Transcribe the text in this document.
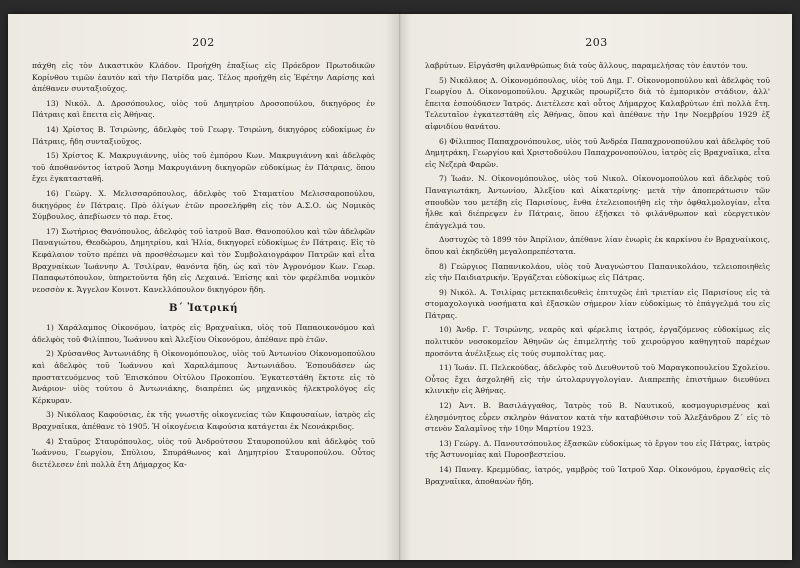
202

πάχθη εἰς τὸν Δικαστικὸν Κλάδον. Προήχθη ἐπαξίως εἰς Πρόεδρον Πρωτοδικῶν Κορίνθου τιμῶν ἑαυτὸν καὶ τὴν Πατρίδα μας. Τέλος προήχθη εἰς Ἐφέτην Λαρίσης καὶ ἀπέθανεν συνταξιοῦχος.

13) Νικόλ. Δ. Δροσόπουλος, υἱὸς τοῦ Δημητρίου Δροσοπούλου, δικηγόρος ἐν Πάτραις καὶ ἔπειτα εἰς Ἀθήνας.

14) Χρίστος Β. Τσιρώνης, ἀδελφὸς τοῦ Γεωργ. Τσιρώνη, δικηγόρος εὐδοκίμως ἐν Πάτραις, ἤδη συνταξιοῦχος.

15) Χρίστος Κ. Μακρυγιάννης, υἱὸς τοῦ ἐμπόρου Κων. Μακρυγιάννη καὶ ἀδελφὸς τοῦ ἀποθανόντος ἰατροῦ Ἄσημ Μακρυγιάννη δικηγορῶν εὐδοκίμως ἐν Πάτραις, ὅπου ἔχει ἐγκατασταθῆ.

16) Γεώργ. Χ. Μελισσαρόπουλος, ἀδελφὸς τοῦ Σταματίου Μελισσαροπούλου, δικηγόρος ἐν Πάτραις. Πρὸ ὀλίγων ἐτῶν προσελήφθη εἰς τὸν Α.Σ.Ο. ὡς Νομικὸς Σύμβουλος, ἀπεβίωσεν τὸ παρ. ἔτος.

17) Σωτήριος Θανόπουλος, ἀδελφὸς τοῦ ἰατροῦ Βασ. Θανοπούλου καὶ τῶν ἀδελφῶν Παναγιώτου, Θεοδώρου, Δημητρίου, καὶ Ἠλία, δικηγορεῖ εὐδοκίμως ἐν Πάτραις. Εἰς τὸ Κεφάλαιον τοῦτο πρέπει νὰ προσθέσωμεν καὶ τὸν Συμβολαιογράφον Πατρῶν καὶ εἶτα Βραχναίκων Ἰωάννην Α. Τσιλίραν, θανόντα ἤδη, ὡς καὶ τὸν Ἀγρονόμον Κων. Γεωρ. Παπαφωτόπουλον, ὑπηρετοῦντα ἤδη εἰς Λεχαινά. Ἐπίσης καὶ τὸν φερέλπιδα νομικὸν νεοσσὸν κ. Ἄγγελον Κοινοτ. Κανελλόπουλον δικηγόρον ἤδη.

Β΄ Ἰατρική

1) Χαράλαμπος Οἰκονόμου, ἰατρὸς εἰς Βραχναῖικα, υἱὸς τοῦ Παπαοικονόμου καὶ ἀδελφὸς τοῦ Φιλίππου, Ἰωάννου καὶ Ἀλεξίου Οἰκονόμου, ἀπέθανε πρὸ ἐτῶν.

2) Χρύσανθος Ἀντωνιάδης ἢ Οἰκονομόπουλος, υἱὸς τοῦ Ἀντωνίου Οἰκονομοπούλου καὶ ἀδελφὸς τοῦ Ἰωάννου καὶ Χαραλάμπους Ἀντωνιάδου. Ἐσπουδάσεν ὡς προστατευόμενος τοῦ Ἐπισκόπου Οἰτύλου Προκοπίου. Ἐγκατεστάθη ἔκτοτε εἰς τὸ Ἀνάριον· υἱὸς τούτου ὁ Ἀντωνιάκης, διαπρέπει ὡς μηχανικὸς ἠλεκτρολόγος εἰς Κέρκυραν.

3) Νικόλαος Καφούσιας, ἐκ τῆς γνωστῆς οἰκογενείας τῶν Καφουσαίων, ἰατρὸς εἰς Βραχναῖικα, ἀπέθανε τὸ 1905. Ἡ οἰκογένεια Καφούσια κατάγεται ἐκ Νεονάκριδος.

4) Σταῦρος Σταυρόπουλος, υἱὸς τοῦ Ἀνδρούτσου Σταυροπούλου καὶ ἀδελφὸς τοῦ Ἰωάννου, Γεωργίου, Σπύλιου, Σπυράθωνος καὶ Δημητρίου Σταυροπούλου. Οὗτος διετέλεσεν ἐπὶ πολλὰ ἔτη Δήμαρχος Κα-

203

λαβρύτων. Εἰργάσθη φιλανθρώπως διὰ τοὺς ἄλλους, παραμελήσας τὸν ἑαυτόν του.

5) Νικόλαος Δ. Οἰκονομόπουλος, υἱὸς τοῦ Δημ. Γ. Οἰκονομοπούλου καὶ ἀδελφὸς τοῦ Γεωργίου Δ. Οἰκονομοπούλου. Ἀρχικῶς προωρίζετο διὰ τὸ ἐμπορικὸν στάδιον, ἀλλ' ἔπειτα ἐσπούδασεν Ἰατρός. Διετέλεσε καὶ οὗτος Δήμαρχος Καλαβρύτων ἐπὶ πολλὰ ἔτη. Τελευταῖον ἐγκατεστάθη εἰς Ἀθήνας, ὅπου καὶ ἀπέθανε τὴν 1ην Νοεμβρίου 1929 ἐξ αἰφνιδίου θανάτου.

6) Φίλιππος Παπαχρονόπουλος, υἱὸς τοῦ Ἀνδρέα Παπαχρονοπούλου καὶ ἀδελφὸς τοῦ Δημητράκη, Γεωργίου καὶ Χριστοδούλου Παπαχρονοπούλου, ἰατρὸς εἰς Βραχναῖικα, εἶτα εἰς Νεζερὰ Φαρῶν.

7) Ἰωάν. Ν. Οἰκονομόπουλος, υἱὸς τοῦ Νικολ. Οἰκονομοπούλου καὶ ἀδελφὸς τοῦ Παναγιωτάκη, Ἀντωνίου, Ἀλεξίου καὶ Αἰκατερίνης· μετὰ τὴν ἀποπεράτωσιν τῶν σπουδῶν του μετέβη εἰς Παρισίους, ἔνθα ἐτελειοποιήθη εἰς τὴν ὀφθαλμολογίαν, εἶτα ἦλθε καὶ διέπρεψεν ἐν Πάτραις, ὅπου ἐξήσκει τὸ φιλάνθρωπον καὶ εὐεργετικὸν ἐπάγγελμά του.

Δυστυχῶς τὸ 1899 τὸν Ἀπρίλιον, ἀπέθανε λίαν ἐνωρὶς ἐκ καρκίνου ἐν Βραχναίικοις, ὅπου καὶ ἐκηδεύθη μεγαλοπρεπέστατα.

8) Γεώργιος Παπανικολάου, υἱὸς τοῦ Ἀναγνώστου Παπανικολάου, τελειοποιηθεὶς εἰς τὴν Παιδιατρικήν. Ἐργάζεται εὐδοκίμως εἰς Πάτρας.

9) Νικόλ. Α. Τσιλίρας μετεκπαιδευθεὶς ἐπιτυχῶς ἐπὶ τριετίαν εἰς Παρισίους εἰς τὰ στομαχολογικὰ νοσήματα καὶ ἐξασκῶν σήμερον λίαν εὐδοκίμως τὸ ἐπάγγελμά του εἰς Πάτρας.

10) Ἀνδρ. Γ. Τσιρώνης, νεαρὸς καὶ φέρελπις ἰατρός, ἐργαζόμενος εὐδοκίμως εἰς πολιτικὸν νοσοκομεῖον Ἀθηνῶν ὡς ἐπιμελητὴς τοῦ χειρούργου καθηγητοῦ παρέχων προσόντα ἀνέλιξεως εἰς τούς συμπολίτας μας.

11) Ἰωάν. Π. Πελεκούδας, ἀδελφὸς τοῦ Διευθυντοῦ τοῦ Μαραγκοπουλείου Σχολείου. Οὗτος ἔχει ἀσχοληθῆ εἰς τὴν ὠτολαρυγγολογίαν. Διαπρεπὴς ἐπιστήμων διευθύνει κλινικὴν εἰς Ἀθήνας.

12) Ἀντ. Β. Βασιλάγγαθος, Ἰατρὸς τοῦ Β. Ναυτικοῦ, κοσμογυρισμένος καὶ ἐλησμόνητος εὗρεν σκληρὸν θάνατον κατὰ τὴν καταβύθισιν τοῦ Ἀλεξάνδρου Ζ΄ εἰς τὸ στενὸν Σαλαμῖνος τὴν 10ην Μαρτίου 1923.

13) Γεώργ. Δ. Πανουτσόπουλος ἐξασκῶν εὐδοκίμως τὸ ἔργον του εἰς Πάτρας, ἰατρὸς τῆς Ἀστυνομίας καὶ Πυροσβεστείου.

14) Παναγ. Κρεμμύδας, ἰατρός, γαμβρὸς τοῦ Ἰατροῦ Χαρ. Οἰκονόμου, ἐργασθεὶς εἰς Βραχναῖικα, ἀποθανὼν ἤδη.
